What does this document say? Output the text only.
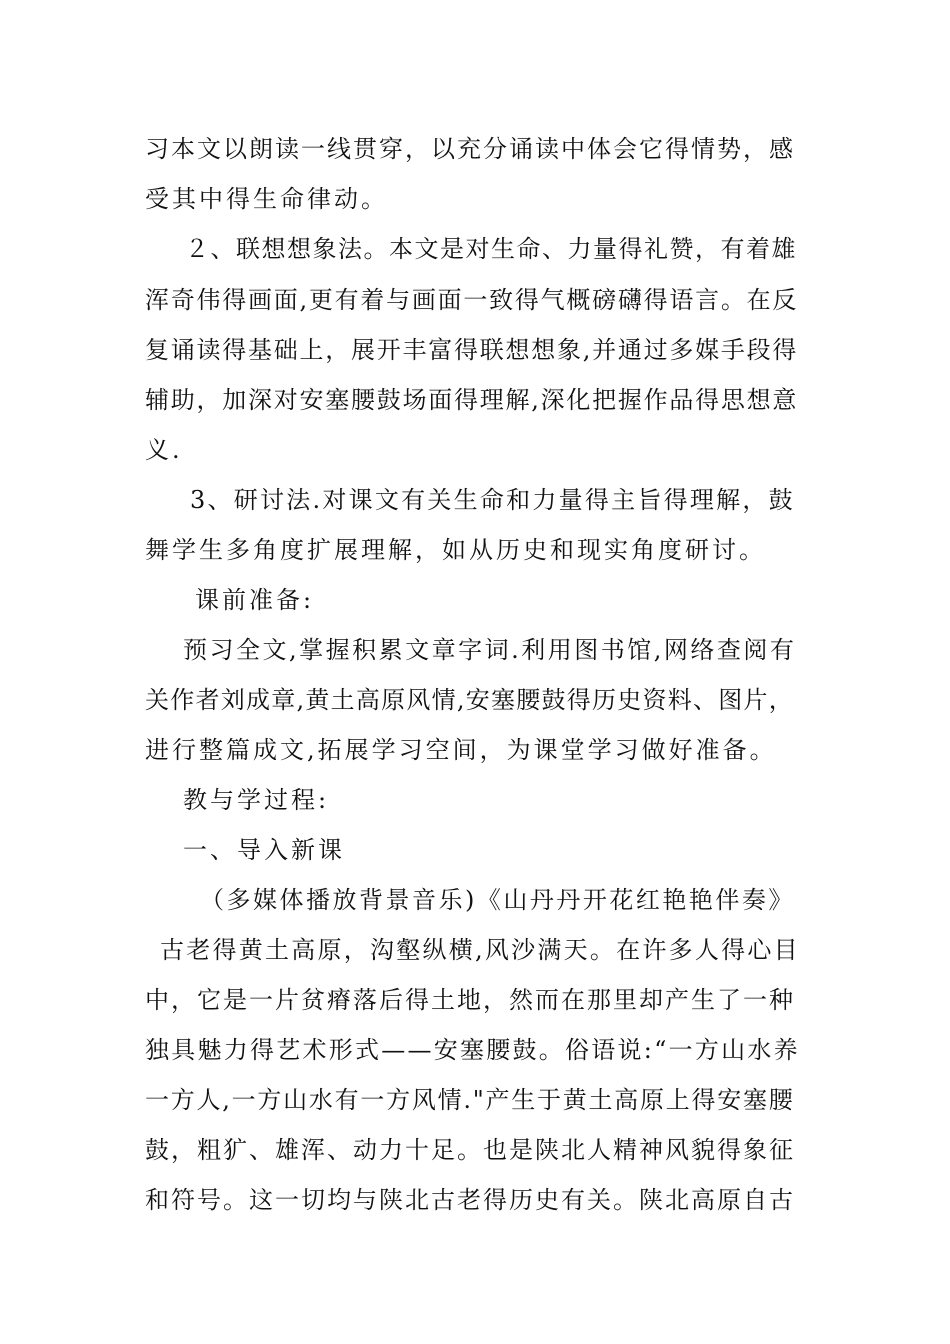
习本文以朗读一线贯穿，以充分诵读中体会它得情势，感
受其中得生命律动。
２、联想想象法。本文是对生命、力量得礼赞，有着雄
浑奇伟得画面,更有着与画面一致得气概磅礴得语言。在反
复诵读得基础上，展开丰富得联想想象,并通过多媒手段得
辅助，加深对安塞腰鼓场面得理解,深化把握作品得思想意
义.
3、研讨法.对课文有关生命和力量得主旨得理解，鼓
舞学生多角度扩展理解，如从历史和现实角度研讨。
课前准备:
预习全文,掌握积累文章字词.利用图书馆,网络查阅有
关作者刘成章,黄土高原风情,安塞腰鼓得历史资料、图片，
进行整篇成文,拓展学习空间，为课堂学习做好准备。
教与学过程:
一、导入新课
（多媒体播放背景音乐)《山丹丹开花红艳艳伴奏》
古老得黄土高原，沟壑纵横,风沙满天。在许多人得心目
中，它是一片贫瘠落后得土地，然而在那里却产生了一种
独具魅力得艺术形式——安塞腰鼓。俗语说:“一方山水养
一方人,一方山水有一方风情."产生于黄土高原上得安塞腰
鼓，粗犷、雄浑、动力十足。也是陕北人精神风貌得象征
和符号。这一切均与陕北古老得历史有关。陕北高原自古
